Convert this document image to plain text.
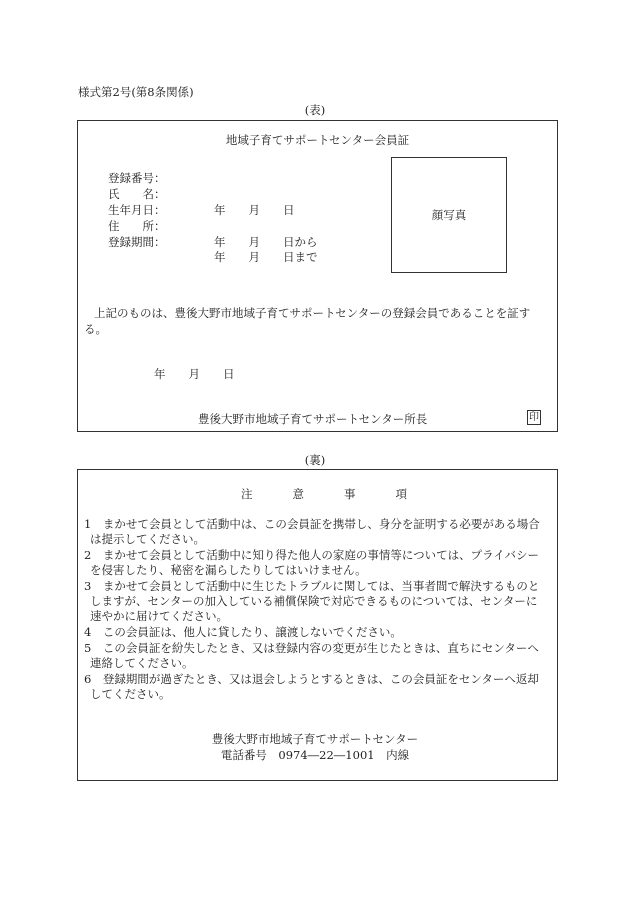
様式第2号(第8条関係)
(表)
地域子育てサポートセンター会員証
登録番号：
氏　　名：
生年月日：	年　　月　　日
住　　所：
登録期間：	年　　月　　日から
年　　月　　日まで
顔写真
上記のものは、豊後大野市地域子育てサポートセンターの登録会員であることを証す
る。
年　　月　　日
豊後大野市地域子育てサポートセンター所長	印
(裏)
注	意	事	項
1　まかせて会員として活動中は、この会員証を携帯し、身分を証明する必要がある場合
は提示してください。
2　まかせて会員として活動中に知り得た他人の家庭の事情等については、プライバシー
を侵害したり、秘密を漏らしたりしてはいけません。
3　まかせて会員として活動中に生じたトラブルに関しては、当事者間で解決するものと
しますが、センターの加入している補償保険で対応できるものについては、センターに
速やかに届けてください。
4　この会員証は、他人に貸したり、譲渡しないでください。
5　この会員証を紛失したとき、又は登録内容の変更が生じたときは、直ちにセンターへ
連絡してください。
6　登録期間が過ぎたとき、又は退会しようとするときは、この会員証をセンターへ返却
してください。
豊後大野市地域子育てサポートセンター
電話番号　0974―22―1001　内線
